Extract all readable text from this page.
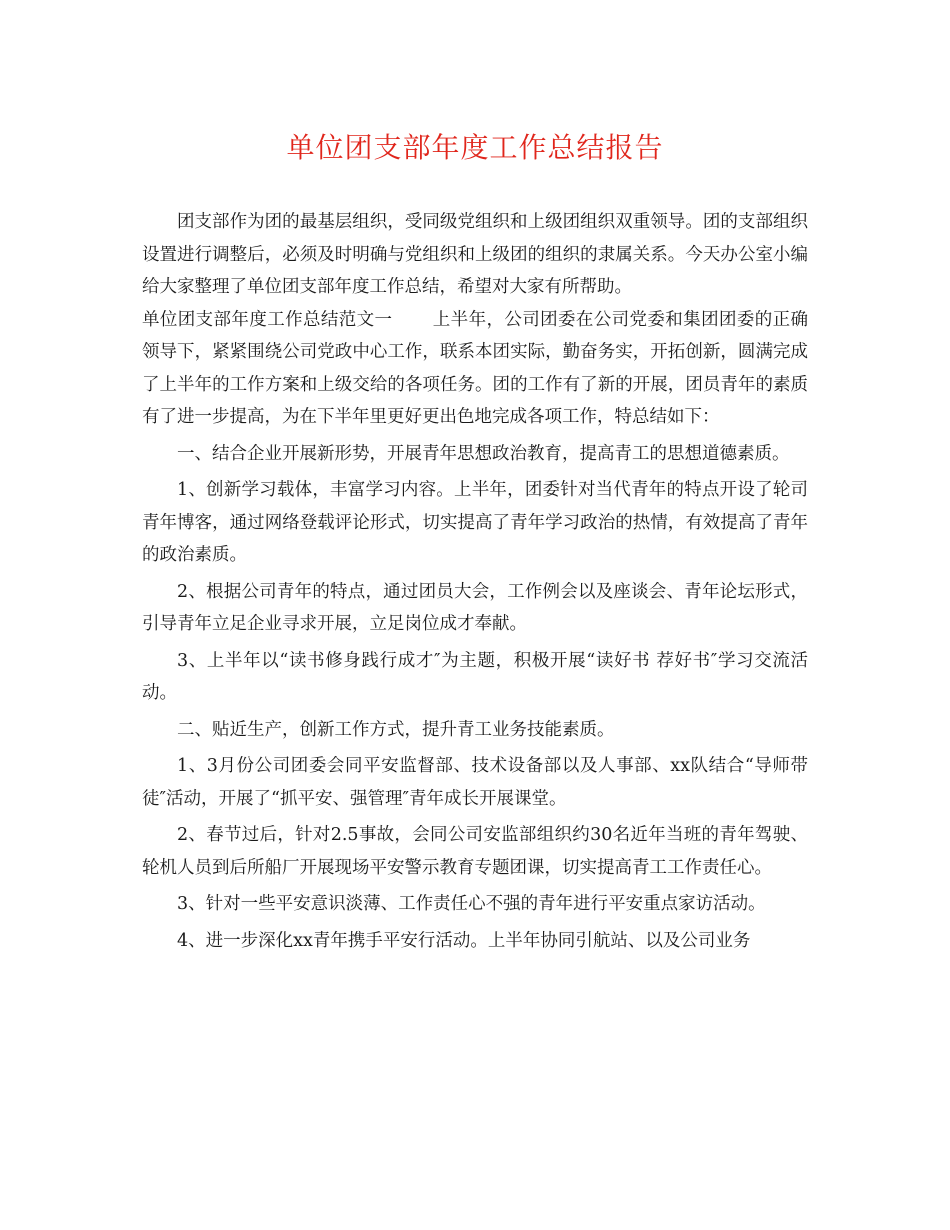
单位团支部年度工作总结报告

团支部作为团的最基层组织，受同级党组织和上级团组织双重领导。团的支部组织设置进行调整后，必须及时明确与党组织和上级团的组织的隶属关系。今天办公室小编给大家整理了单位团支部年度工作总结，希望对大家有所帮助。

单位团支部年度工作总结范文一 上半年，公司团委在公司党委和集团团委的正确领导下，紧紧围绕公司党政中心工作，联系本团实际，勤奋务实，开拓创新，圆满完成了上半年的工作方案和上级交给的各项任务。团的工作有了新的开展，团员青年的素质有了进一步提高，为在下半年里更好更出色地完成各项工作，特总结如下：

一、结合企业开展新形势，开展青年思想政治教育，提高青工的思想道德素质。

1、创新学习载体，丰富学习内容。上半年，团委针对当代青年的特点开设了轮司青年博客，通过网络登载评论形式，切实提高了青年学习政治的热情，有效提高了青年的政治素质。

2、根据公司青年的特点，通过团员大会，工作例会以及座谈会、青年论坛形式，引导青年立足企业寻求开展，立足岗位成才奉献。

3、上半年以“读书修身践行成才″为主题，积极开展“读好书 荐好书″学习交流活动。

二、贴近生产，创新工作方式，提升青工业务技能素质。

1、3月份公司团委会同平安监督部、技术设备部以及人事部、xx队结合“导师带徒″活动，开展了“抓平安、强管理″青年成长开展课堂。

2、春节过后，针对2.5事故，会同公司安监部组织约30名近年当班的青年驾驶、轮机人员到后所船厂开展现场平安警示教育专题团课，切实提高青工工作责任心。

3、针对一些平安意识淡薄、工作责任心不强的青年进行平安重点家访活动。

4、进一步深化xx青年携手平安行活动。上半年协同引航站、以及公司业务
